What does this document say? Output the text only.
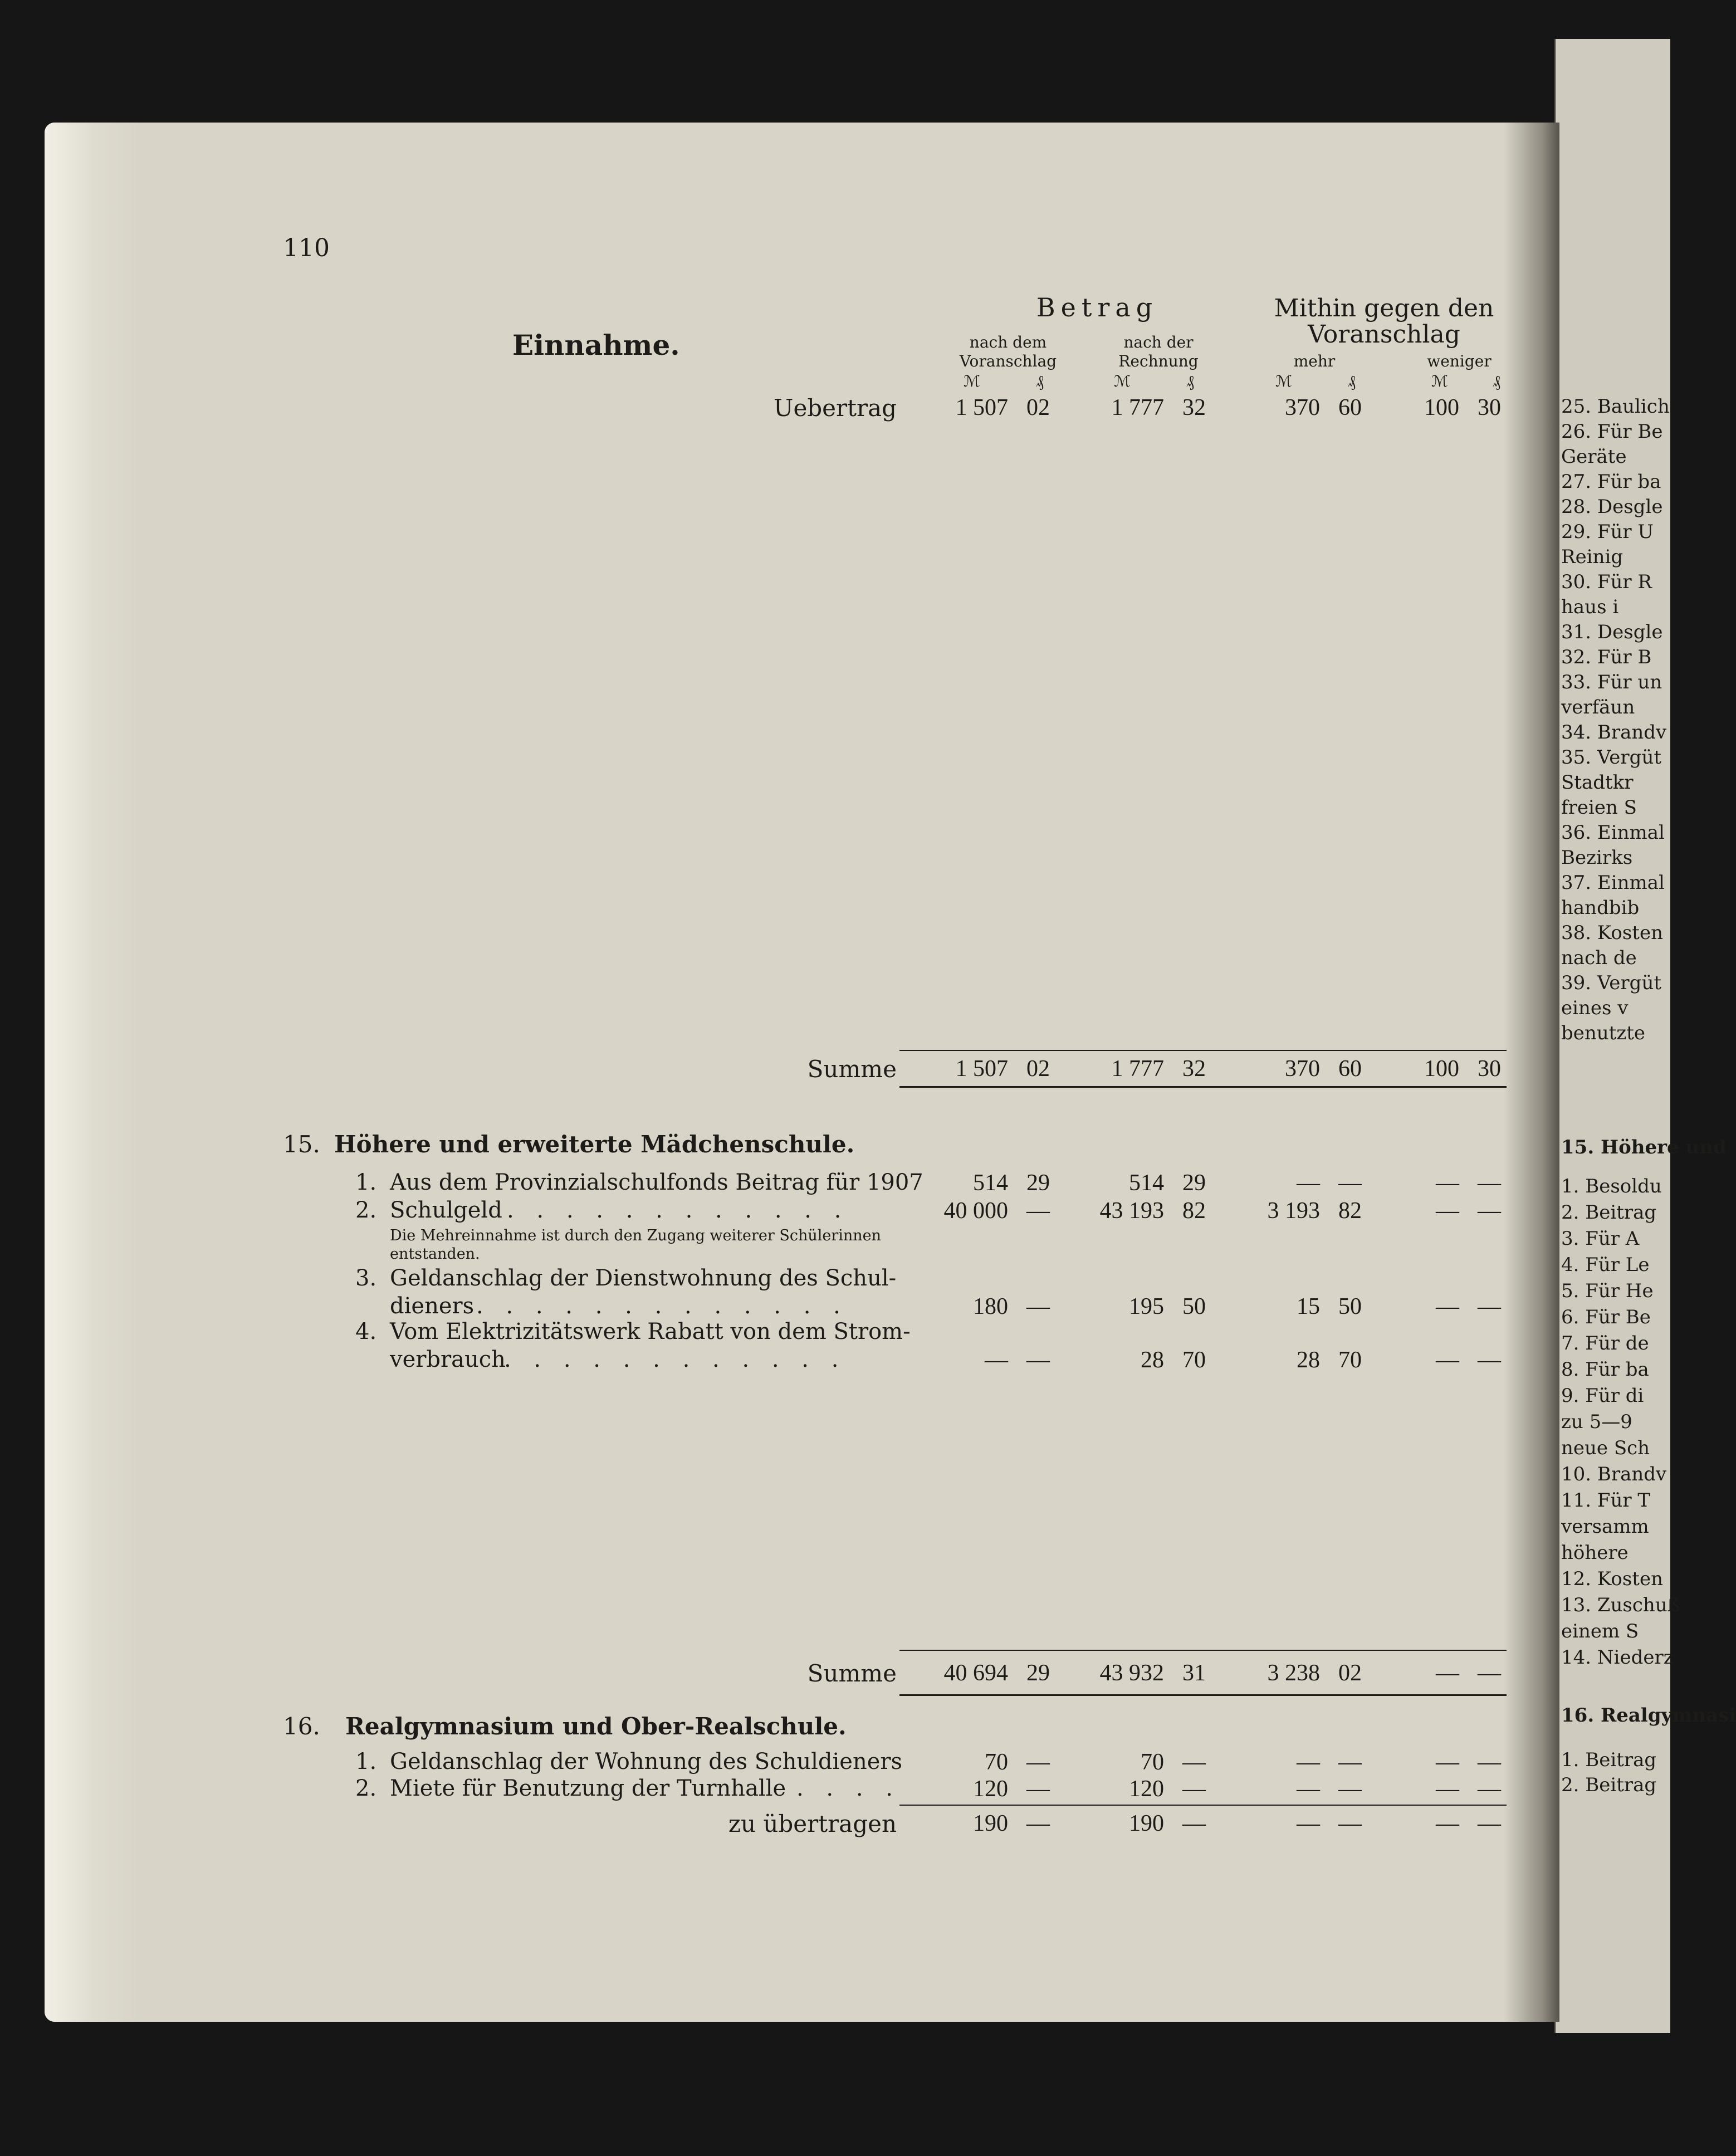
25. Baulich
26. Für Be
Geräte
27. Für ba
28. Desgle
29. Für U
Reinig
30. Für R
haus i
31. Desgle
32. Für B
33. Für un
verfäun
34. Brandv
35. Vergüt
Stadtkr
freien S
36. Einmal
Bezirks
37. Einmal
handbib
38. Kosten
nach de
39. Vergüt
eines v
benutzte
15. Höhere und
1. Besoldu
2. Beitrag
3. Für A
4. Für Le
5. Für He
6. Für Be
7. Für de
8. Für ba
9. Für di
zu 5—9
neue Sch
10. Brandv
11. Für T
versamm
höhere
12. Kosten
13. Zuschuß
einem S
14. Niederz
16. Realgymnasi
1. Beitrag
2. Beitrag
110
Einnahme.
Betrag	Mithin gegen den
Voranschlag
nach dem
Voranschlag
nach der
Rechnung	mehr	weniger
ℳ	₰	ℳ	₰	ℳ	₰	ℳ	₰
Uebertrag	1 507 02	1 777 32	370 60	100 30
Summe	1 507 02	1 777 32	370 60	100 30
15. Höhere und erweiterte Mädchenschule.
1. Aus dem Provinzialschulfonds Beitrag für 1907	514 29	514 29	— —	— —
2. Schulgeld . . . . . . . . . . . .	40 000 —	43 193 82	3 193 82	— —
Die Mehreinnahme ist durch den Zugang weiterer Schülerinnen
entstanden.
3. Geldanschlag der Dienstwohnung des Schul-
dieners . . . . . . . . . . . . .	180 —	195 50	15 50	— —
4. Vom Elektrizitätswerk Rabatt von dem Strom-
verbrauch
. . . . . . . . . . . .	— —	28 70	28 70	— —
Summe	40 694 29	43 932 31	3 238 02	— —
16. Realgymnasium und Ober-Realschule.
1. Geldanschlag der Wohnung des Schuldieners	70 —	70 —	— —	— —
2. Miete für Benutzung der Turnhalle . . . .	120 —	120 —	— —	— —
zu übertragen	190 —	190 —	— —	— —
